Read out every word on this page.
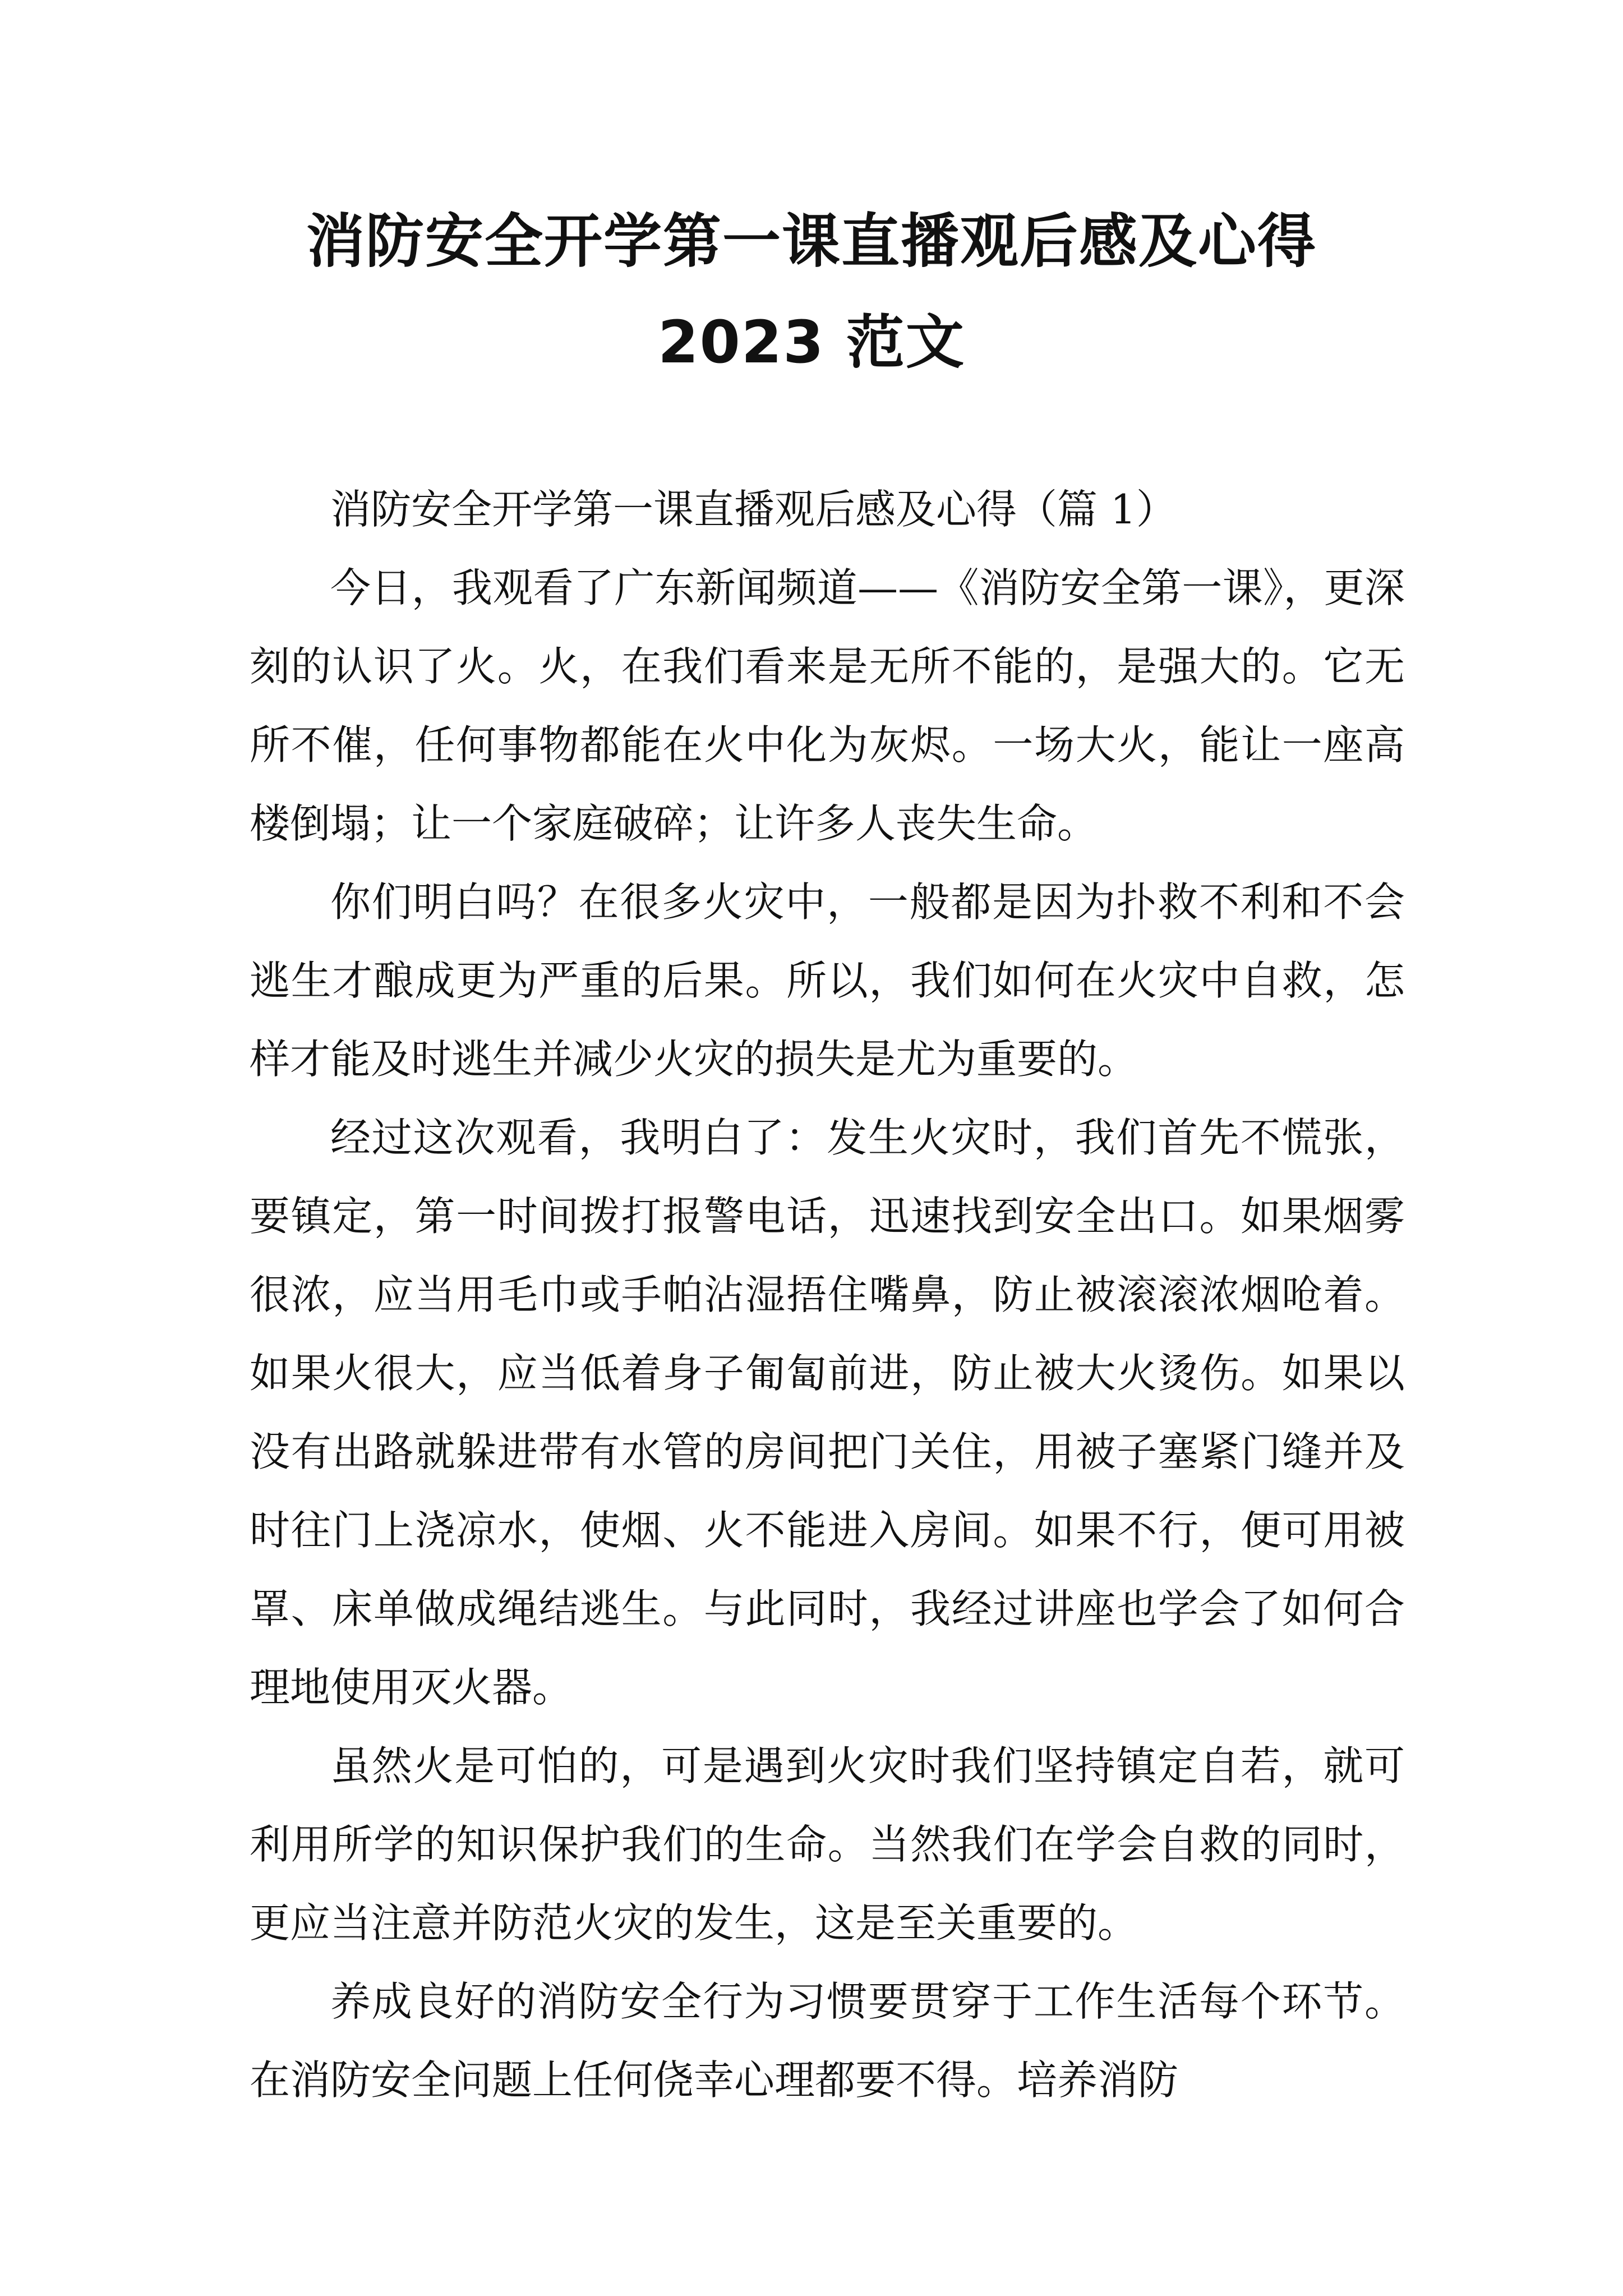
消防安全开学第一课直播观后感及心得
2023 范文

消防安全开学第一课直播观后感及心得（篇 1）

今日，我观看了广东新闻频道——《消防安全第一课》，更深刻的认识了火。火，在我们看来是无所不能的，是强大的。它无所不催，任何事物都能在火中化为灰烬。一场大火，能让一座高楼倒塌；让一个家庭破碎；让许多人丧失生命。

你们明白吗？在很多火灾中，一般都是因为扑救不利和不会逃生才酿成更为严重的后果。所以，我们如何在火灾中自救，怎样才能及时逃生并减少火灾的损失是尤为重要的。

经过这次观看，我明白了：发生火灾时，我们首先不慌张，要镇定，第一时间拨打报警电话，迅速找到安全出口。如果烟雾很浓，应当用毛巾或手帕沾湿捂住嘴鼻，防止被滚滚浓烟呛着。如果火很大，应当低着身子匍匐前进，防止被大火烫伤。如果以没有出路就躲进带有水管的房间把门关住，用被子塞紧门缝并及时往门上浇凉水，使烟、火不能进入房间。如果不行，便可用被罩、床单做成绳结逃生。与此同时，我经过讲座也学会了如何合理地使用灭火器。

虽然火是可怕的，可是遇到火灾时我们坚持镇定自若，就可利用所学的知识保护我们的生命。当然我们在学会自救的同时，更应当注意并防范火灾的发生，这是至关重要的。

养成良好的消防安全行为习惯要贯穿于工作生活每个环节。在消防安全问题上任何侥幸心理都要不得。培养消防
